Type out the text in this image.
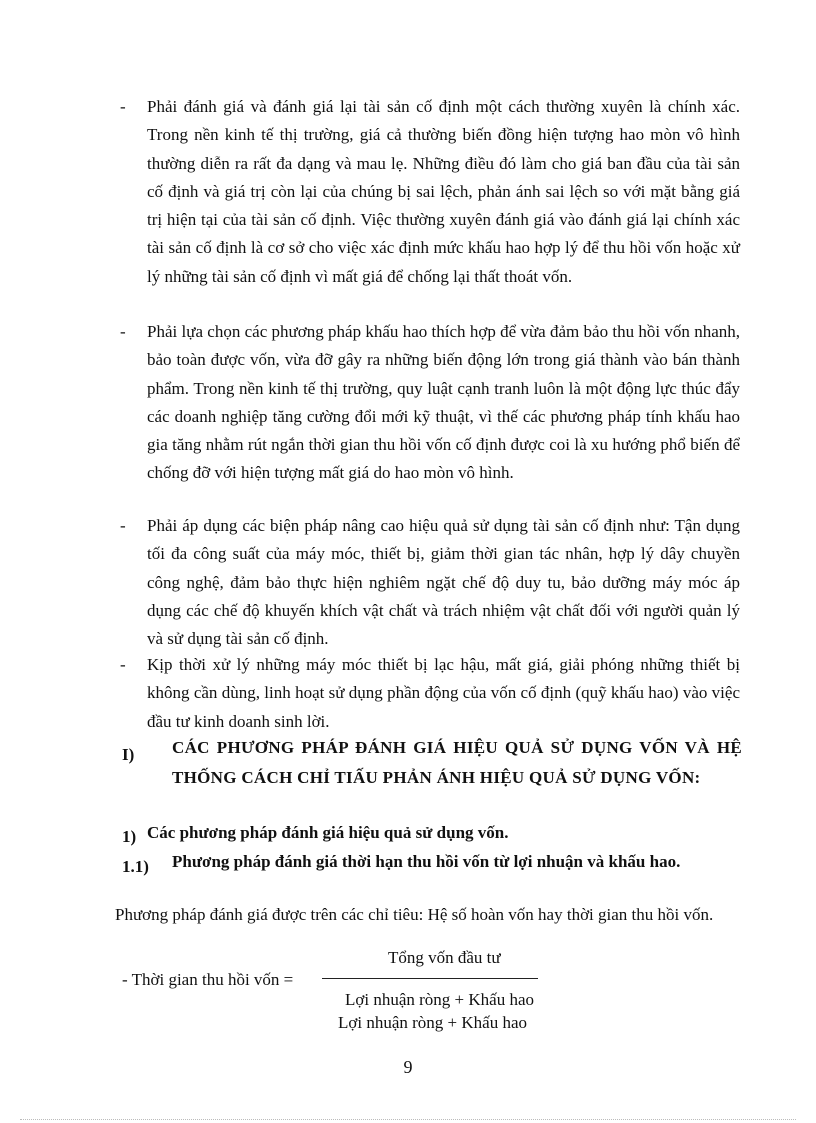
- Phải đánh giá và đánh giá lại tài sản cố định một cách thường xuyên là chính xác. Trong nền kinh tế thị trường, giá cả thường biến đồng hiện tượng hao mòn vô hình thường diễn ra rất đa dạng và mau lẹ. Những điều đó làm cho giá ban đầu của tài sản cố định và giá trị còn lại của chúng bị sai lệch, phản ánh sai lệch so với mặt bằng giá trị hiện tại của tài sản cố định. Việc thường xuyên đánh giá vào đánh giá lại chính xác tài sản cố định là cơ sở cho việc xác định mức khấu hao hợp lý để thu hồi vốn hoặc xử lý những tài sản cố định vì mất giá để chống lại thất thoát vốn.
- Phải lựa chọn các phương pháp khấu hao thích hợp để vừa đảm bảo thu hồi vốn nhanh, bảo toàn được vốn, vừa đỡ gây ra những biến động lớn trong giá thành vào bán thành phẩm. Trong nền kinh tế thị trường, quy luật cạnh tranh luôn là một động lực thúc đẩy các doanh nghiệp tăng cường đổi mới kỹ thuật, vì thế các phương pháp tính khấu hao gia tăng nhằm rút ngắn thời gian thu hồi vốn cố định được coi là xu hướng phổ biến để chống đỡ với hiện tượng mất giá do hao mòn vô hình.
- Phải áp dụng các biện pháp nâng cao hiệu quả sử dụng tài sản cố định như: Tận dụng tối đa công suất của máy móc, thiết bị, giảm thời gian tác nhân, hợp lý dây chuyền công nghệ, đảm bảo thực hiện nghiêm ngặt chế độ duy tu, bảo dưỡng máy móc áp dụng các chế độ khuyến khích vật chất và trách nhiệm vật chất đối với người quản lý và sử dụng tài sản cố định.
- Kịp thời xử lý những máy móc thiết bị lạc hậu, mất giá, giải phóng những thiết bị không cần dùng, linh hoạt sử dụng phần động của vốn cố định (quỹ khấu hao) vào việc đầu tư kinh doanh sinh lời.
I) CÁC PHƯƠNG PHÁP ĐÁNH GIÁ HIỆU QUẢ SỬ DỤNG VỐN VÀ HỆ THỐNG CÁCH CHỈ TIẤU PHẢN ÁNH HIỆU QUẢ SỬ DỤNG VỐN:
1) Các phương pháp đánh giá hiệu quả sử dụng vốn.
1.1) Phương pháp đánh giá thời hạn thu hồi vốn từ lợi nhuận và khấu hao.
Phương pháp đánh giá được trên các chỉ tiêu: Hệ số hoàn vốn hay thời gian thu hồi vốn.
Tổng vốn đầu tư
- Thời gian thu hồi vốn =
Lợi nhuận ròng + Khấu hao
Lợi nhuận ròng + Khấu hao
9
